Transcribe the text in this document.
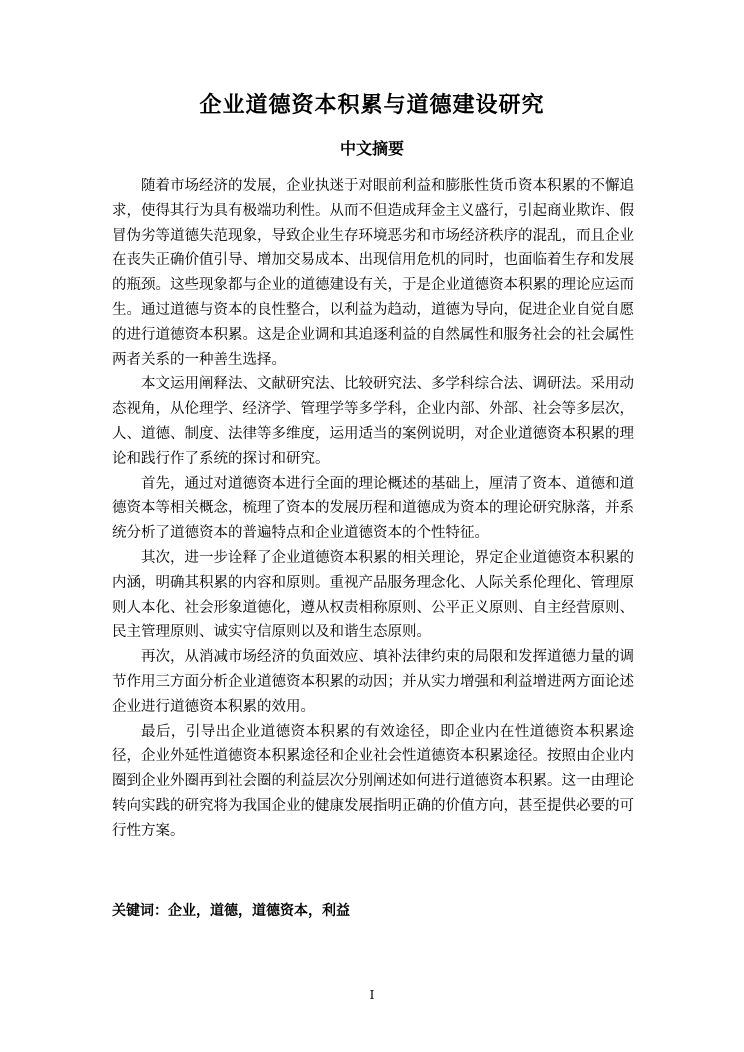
企业道德资本积累与道德建设研究
中文摘要

随着市场经济的发展，企业执迷于对眼前利益和膨胀性货币资本积累的不懈追求，使得其行为具有极端功利性。从而不但造成拜金主义盛行，引起商业欺诈、假冒伪劣等道德失范现象，导致企业生存环境恶劣和市场经济秩序的混乱，而且企业在丧失正确价值引导、增加交易成本、出现信用危机的同时，也面临着生存和发展的瓶颈。这些现象都与企业的道德建设有关，于是企业道德资本积累的理论应运而生。通过道德与资本的良性整合，以利益为趋动，道德为导向，促进企业自觉自愿的进行道德资本积累。这是企业调和其追逐利益的自然属性和服务社会的社会属性两者关系的一种善生选择。

本文运用阐释法、文献研究法、比较研究法、多学科综合法、调研法。采用动态视角，从伦理学、经济学、管理学等多学科，企业内部、外部、社会等多层次，人、道德、制度、法律等多维度，运用适当的案例说明，对企业道德资本积累的理论和践行作了系统的探讨和研究。

首先，通过对道德资本进行全面的理论概述的基础上，厘清了资本、道德和道德资本等相关概念，梳理了资本的发展历程和道德成为资本的理论研究脉落，并系统分析了道德资本的普遍特点和企业道德资本的个性特征。

其次，进一步诠释了企业道德资本积累的相关理论，界定企业道德资本积累的内涵，明确其积累的内容和原则。重视产品服务理念化、人际关系伦理化、管理原则人本化、社会形象道德化，遵从权责相称原则、公平正义原则、自主经营原则、民主管理原则、诚实守信原则以及和谐生态原则。

再次，从消减市场经济的负面效应、填补法律约束的局限和发挥道德力量的调节作用三方面分析企业道德资本积累的动因；并从实力增强和利益增进两方面论述企业进行道德资本积累的效用。

最后，引导出企业道德资本积累的有效途径，即企业内在性道德资本积累途径，企业外延性道德资本积累途径和企业社会性道德资本积累途径。按照由企业内圈到企业外圈再到社会圈的利益层次分别阐述如何进行道德资本积累。这一由理论转向实践的研究将为我国企业的健康发展指明正确的价值方向，甚至提供必要的可行性方案。

关键词：企业，道德，道德资本，利益

I
